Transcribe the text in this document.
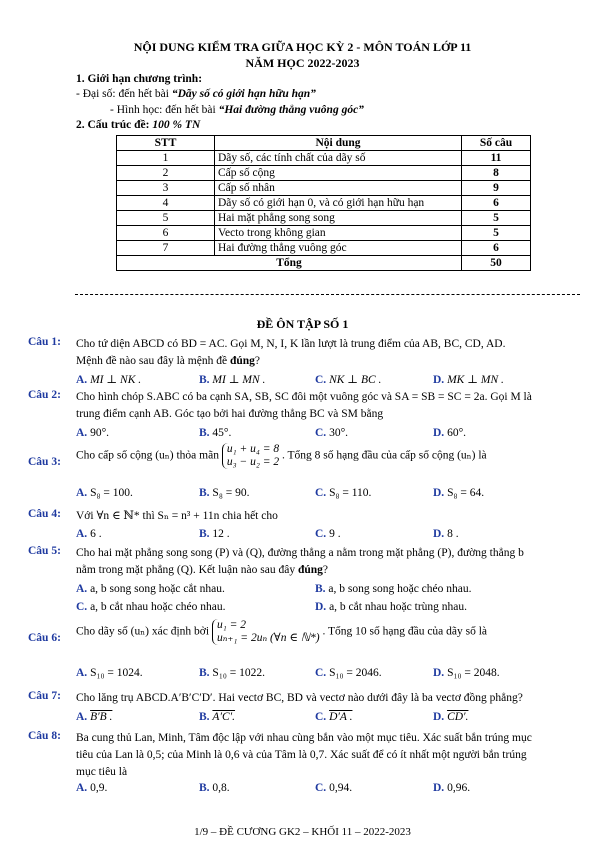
NỘI DUNG KIỂM TRA GIỮA HỌC KỲ 2 - MÔN TOÁN LỚP 11
NĂM HỌC 2022-2023
1. Giới hạn chương trình:
- Đại số: đến hết bài “Dãy số có giới hạn hữu hạn”
- Hình học: đến hết bài “Hai đường thẳng vuông góc”
2. Cấu trúc đề: 100 % TN
STT	Nội dung	Số câu
1	Dãy số, các tính chất của dãy số	11
2	Cấp số cộng	8
3	Cấp số nhân	9
4	Dãy số có giới hạn 0, và có giới hạn hữu hạn	6
5	Hai mặt phẳng song song	5
6	Vecto trong không gian	5
7	Hai đường thẳng vuông góc	6
Tổng		50
ĐỀ ÔN TẬP SỐ 1
Câu 1: Cho tứ diện ABCD có BD = AC. Gọi M, N, I, K lần lượt là trung điểm của AB, BC, CD, AD.
Mệnh đề nào sau đây là mệnh đề đúng?
A. MI ⊥ NK .	B. MI ⊥ MN .	C. NK ⊥ BC .	D. MK ⊥ MN .
Câu 2: Cho hình chóp S.ABC có ba cạnh SA, SB, SC đôi một vuông góc và SA = SB = SC = 2a. Gọi M là
trung điểm cạnh AB. Góc tạo bởi hai đường thẳng BC và SM bằng
A. 90°.	B. 45°.	C. 30°.	D. 60°.
Câu 3:
Cho cấp số cộng (uₙ) thỏa mãn u₁ + u₄ = 8
u₃ − u₂ = 2 . Tổng 8 số hạng đầu của cấp số cộng (uₙ) là
A. S₈ = 100.	B. S₈ = 90.	C. S₈ = 110.	D. S₈ = 64.
Câu 4: Với ∀n ∈ ℕ* thì Sₙ = n³ + 11n chia hết cho
A. 6 .	B. 12 .	C. 9 .	D. 8 .
Câu 5: Cho hai mặt phẳng song song (P) và (Q), đường thẳng a nằm trong mặt phẳng (P), đường thẳng b
nằm trong mặt phẳng (Q). Kết luận nào sau đây đúng?
A. a, b song song hoặc cắt nhau.	B. a, b song song hoặc chéo nhau.
C. a, b cắt nhau hoặc chéo nhau.	D. a, b cắt nhau hoặc trùng nhau.
Câu 6:
Cho dãy số (uₙ) xác định bởi u₁ = 2
uₙ₊₁ = 2uₙ (∀n ∈ ℕ*) . Tổng 10 số hạng đầu của dãy số là
A. S₁₀ = 1024.	B. S₁₀ = 1022.	C. S₁₀ = 2046.	D. S₁₀ = 2048.
Câu 7: Cho lăng trụ ABCD.A′B′C′D′. Hai vectơ BC, BD và vectơ nào dưới đây là ba vectơ đồng phẳng?
A. B′B .	B. A′C′.	C. D′A .	D. CD′.
Câu 8: Ba cung thủ Lan, Minh, Tâm độc lập với nhau cùng bắn vào một mục tiêu. Xác suất bắn trúng mục
tiêu của Lan là 0,5; của Minh là 0,6 và của Tâm là 0,7. Xác suất để có ít nhất một người bắn trúng
mục tiêu là
A. 0,9.	B. 0,8.	C. 0,94.	D. 0,96.
1/9 – ĐỀ CƯƠNG GK2 – KHỐI 11 – 2022-2023
